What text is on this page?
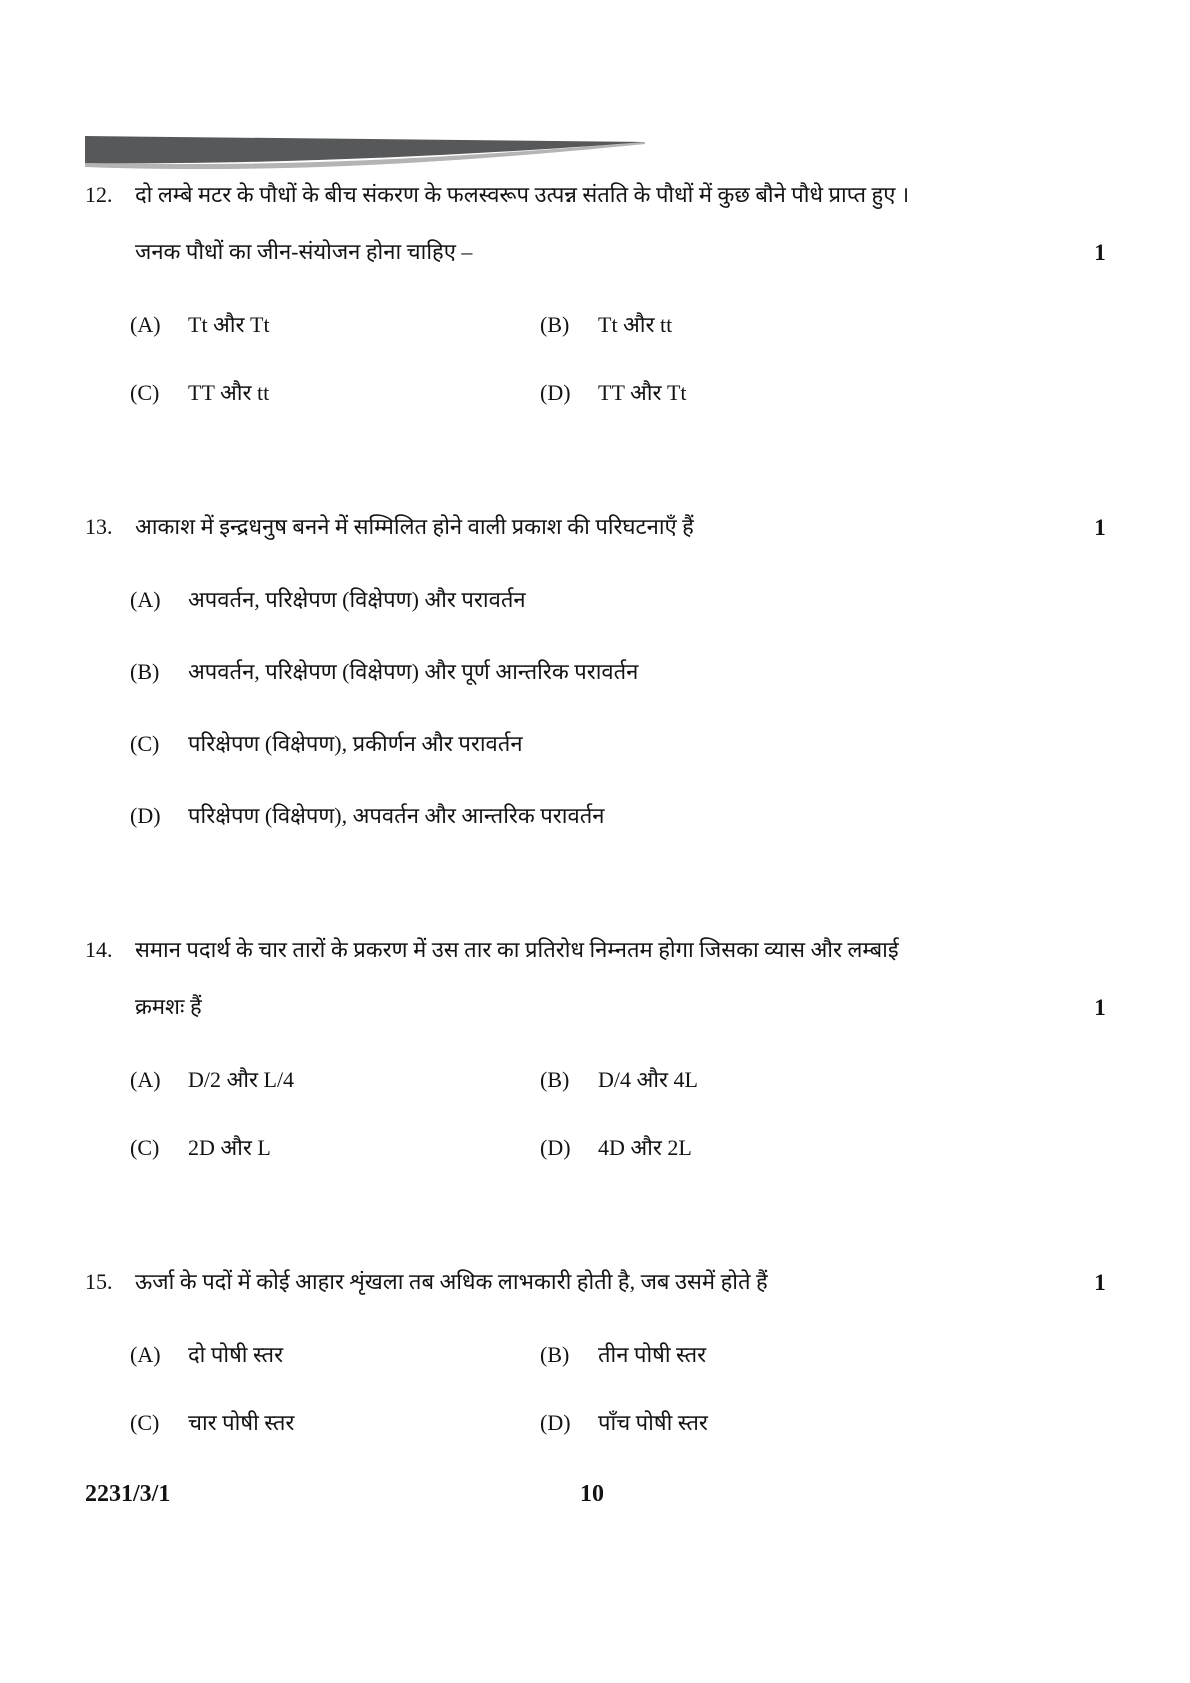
12.	दो लम्बे मटर के पौधों के बीच संकरण के फलस्वरूप उत्पन्न संतति के पौधों में कुछ बौने पौधे प्राप्त हुए ।
जनक पौधों का जीन-संयोजन होना चाहिए –	1
(A)	Tt और Tt	(B)	Tt और tt
(C)	TT और tt	(D)	TT और Tt
13.	आकाश में इन्द्रधनुष बनने में सम्मिलित होने वाली प्रकाश की परिघटनाएँ हैं	1
(A)	अपवर्तन, परिक्षेपण (विक्षेपण) और परावर्तन
(B)	अपवर्तन, परिक्षेपण (विक्षेपण) और पूर्ण आन्तरिक परावर्तन
(C)	परिक्षेपण (विक्षेपण), प्रकीर्णन और परावर्तन
(D)	परिक्षेपण (विक्षेपण), अपवर्तन और आन्तरिक परावर्तन
14.	समान पदार्थ के चार तारों के प्रकरण में उस तार का प्रतिरोध निम्नतम होगा जिसका व्यास और लम्बाई
क्रमशः हैं	1
(A)	D/2 और L/4	(B)	D/4 और 4L
(C)	2D और L	(D)	4D और 2L
15.	ऊर्जा के पदों में कोई आहार शृंखला तब अधिक लाभकारी होती है, जब उसमें होते हैं	1
(A)	दो पोषी स्तर	(B)	तीन पोषी स्तर
(C)	चार पोषी स्तर	(D)	पाँच पोषी स्तर
2231/3/1	10
